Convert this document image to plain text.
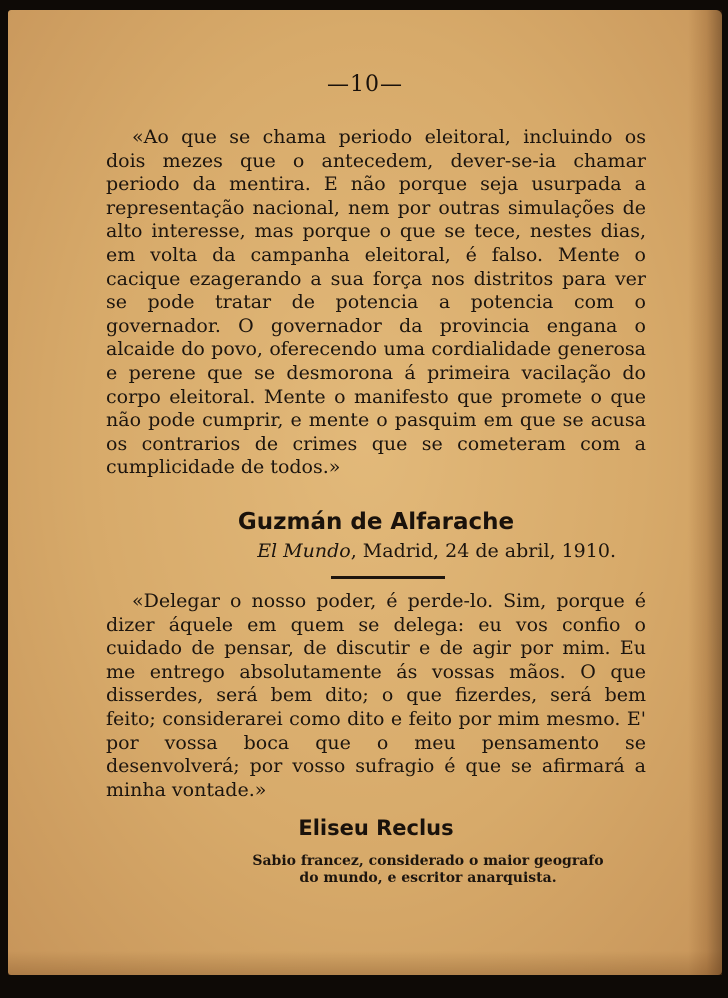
—10—

«Ao que se chama periodo eleitoral, incluindo os dois mezes que o antecedem, dever-se-ia chamar periodo da mentira. E não porque seja usurpada a representação nacional, nem por outras simulações de alto interesse, mas porque o que se tece, nestes dias, em volta da campanha eleitoral, é falso. Mente o cacique ezagerando a sua força nos distritos para ver se pode tratar de potencia a potencia com o governador. O governador da provincia engana o alcaide do povo, oferecendo uma cordialidade generosa e perene que se desmorona á primeira vacilação do corpo eleitoral. Mente o manifesto que promete o que não pode cumprir, e mente o pasquim em que se acusa os contrarios de crimes que se cometeram com a cumplicidade de todos.»

Guzmán de Alfarache
El Mundo, Madrid, 24 de abril, 1910.

«Delegar o nosso poder, é perde-lo. Sim, porque é dizer áquele em quem se delega: eu vos confio o cuidado de pensar, de discutir e de agir por mim. Eu me entrego absolutamente ás vossas mãos. O que disserdes, será bem dito; o que fizerdes, será bem feito; considerarei como dito e feito por mim mesmo. E' por vossa boca que o meu pensamento se desenvolverá; por vosso sufragio é que se afirmará a minha vontade.»

Eliseu Reclus
Sabio francez, considerado o maior geografo
do mundo, e escritor anarquista.
